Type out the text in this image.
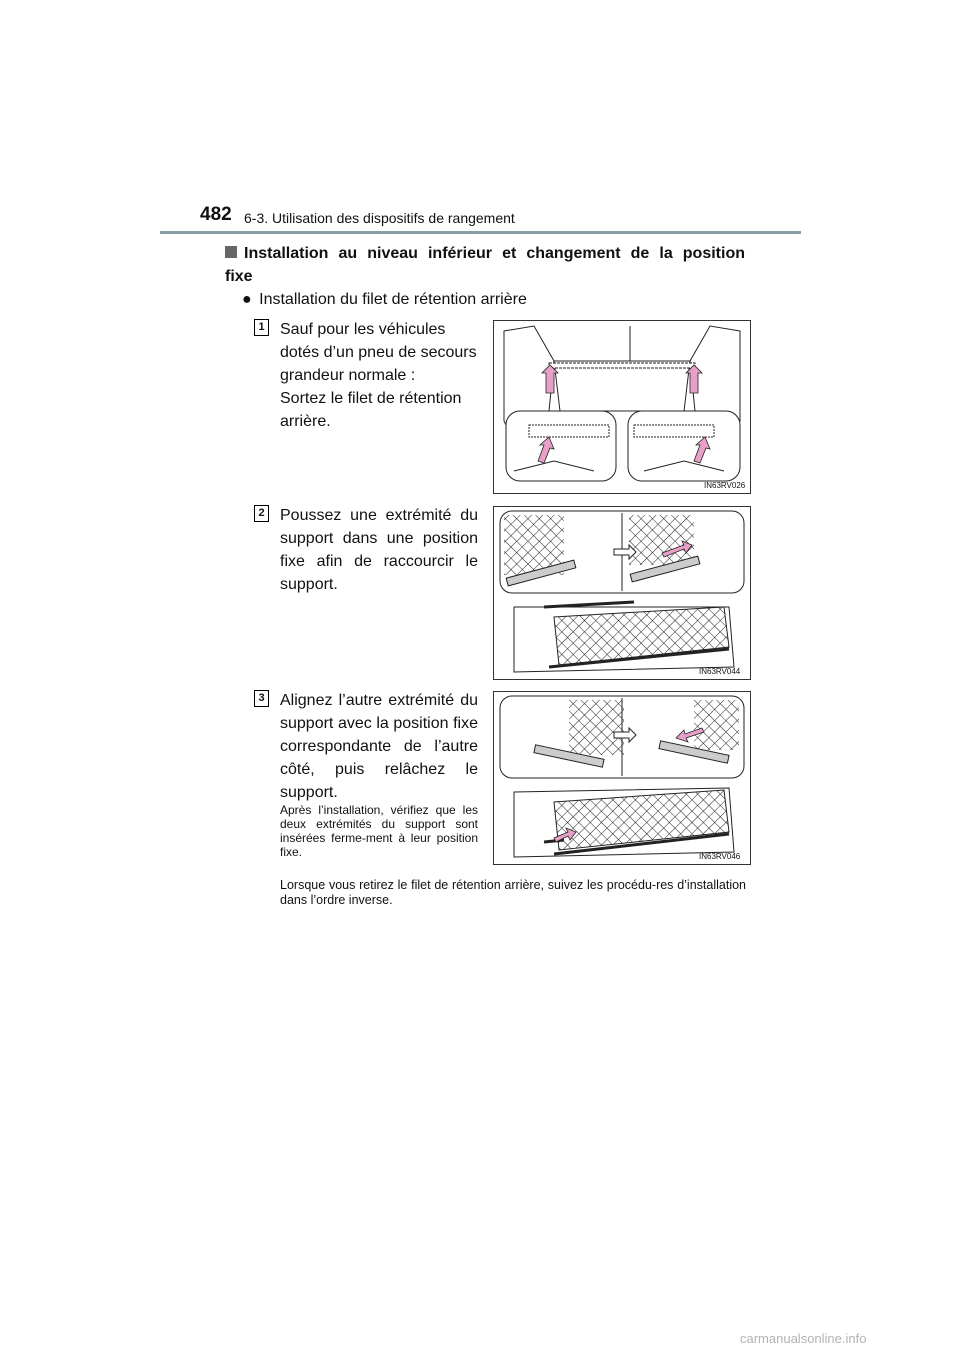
482 6-3. Utilisation des dispositifs de rangement
Installation au niveau inférieur et changement de la position
fixe
● Installation du filet de rétention arrière
1 Sauf pour les véhicules dotés d’un pneu de secours grandeur normale :
Sortez le filet de rétention arrière.
IN63RV026
2 Poussez une extrémité du support dans une position fixe afin de raccourcir le support.
IN63RV044
3 Alignez l’autre extrémité du support avec la position fixe correspondante de l’autre côté, puis relâchez le support.
Après l’installation, vérifiez que les deux extrémités du support sont insérées ferme-ment à leur position fixe.	IN63RV046
Lorsque vous retirez le filet de rétention arrière, suivez les procédu-res d’installation dans l’ordre inverse.
carmanualsonline.info
